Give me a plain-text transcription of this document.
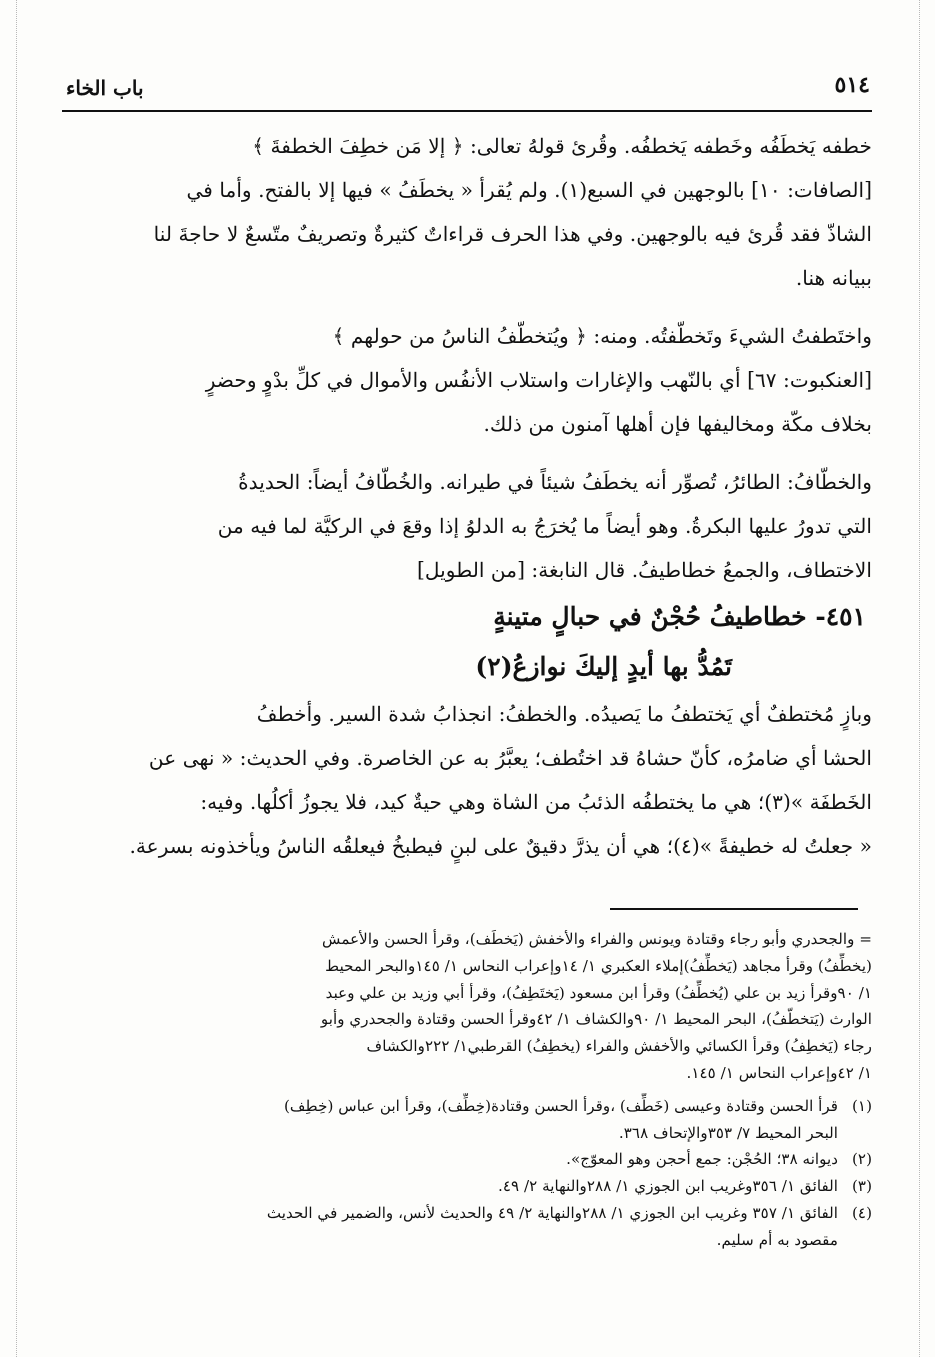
٥١٤
باب الخاء

خطفه يَخطَفُه وخَطفه يَخطفُه. وقُرئ قولهُ تعالى: ﴿ إلا مَن خطِفَ الخطفةَ ﴾

[الصافات: ١٠] بالوجهين في السبع(١). ولم يُقرأ « يخطَفُ » فيها إلا بالفتح. وأما في

الشاذّ فقد قُرئ فيه بالوجهين. وفي هذا الحرف قراءاتٌ كثيرةٌ وتصريفٌ متّسعٌ لا حاجةَ لنا

ببيانه هنا.

واختَطفتُ الشيءَ وتَخطّفتُه. ومنه: ﴿ ويُتخطّفُ الناسُ من حولهم ﴾

[العنكبوت: ٦٧] أي بالنّهب والإغارات واستلاب الأنفُس والأموال في كلِّ بدْوٍ وحضرٍ

بخلاف مكّة ومخاليفها فإن أهلها آمنون من ذلك.

والخطّافُ: الطائرُ، تُصوِّر أنه يخطَفُ شيئاً في طيرانه. والخُطّافُ أيضاً: الحديدةُ

التي تدورُ عليها البكرةُ. وهو أيضاً ما يُخرَجُ به الدلوُ إذا وقعَ في الركيَّة لما فيه من

الاختطاف، والجمعُ خطاطيفُ. قال النابغة: [من الطويل]

٤٥١- خطاطيفُ حُجْنٌ في حبالٍ متينةٍ
تَمُدُّ بها أيدٍ إليكَ نوازعُ(٢)

وبازٍ مُختطفٌ أي يَختطفُ ما يَصيدُه. والخطفُ: انجذابُ شدة السير. وأخطفُ

الحشا أي ضامرُه، كأنّ حشاهُ قد اختُطف؛ يعبَّرُ به عن الخاصرة. وفي الحديث: « نهى عن

الخَطفَة »(٣)؛ هي ما يختطفُه الذئبُ من الشاة وهي حيةٌ كيد، فلا يجوزُ أكلُها. وفيه:

« جعلتُ له خطيفةً »(٤)؛ هي أن يذرَّ دقيقٌ على لبنٍ فيطبخُ فيعلقُه الناسُ ويأخذونه بسرعة.

= والجحدري وأبو رجاء وقتادة ويونس والفراء والأخفش (يَخطَف)، وقرأ الحسن والأعمش

(يخطِّفُ) وقرأ مجاهد (يَخطِّفُ)إملاء العكبري ١/ ١٤وإعراب النحاس ١/ ١٤٥والبحر المحيط

١/ ٩٠وقرأ زيد بن علي (يُخطِّفُ) وقرأ ابن مسعود (يَختَطِفُ)، وقرأ أبي وزيد بن علي وعبد

الوارث (يَتخطّفُ)، البحر المحيط ١/ ٩٠والكشاف ١/ ٤٢وقرأ الحسن وقتادة والجحدري وأبو

رجاء (يَخطِفُ) وقرأ الكسائي والأخفش والفراء (يخطِفُ) القرطبي١/ ٢٢٢والكشاف

١/ ٤٢وإعراب النحاس ١/ ١٤٥.

(١)

قرأ الحسن وقتادة وعيسى (خَطِّف) ،وقرأ الحسن وقتادة(خِطِّف)، وقرأ ابن عباس (خِطِف)

البحر المحيط ٧/ ٣٥٣والإتحاف ٣٦٨.

(٢)

ديوانه ٣٨؛ الحُجْن: جمع أحجن وهو المعوّج».

(٣)

الفائق ١/ ٣٥٦وغريب ابن الجوزي ١/ ٢٨٨والنهاية ٢/ ٤٩.

(٤)

الفائق ١/ ٣٥٧ وغريب ابن الجوزي ١/ ٢٨٨والنهاية ٢/ ٤٩ والحديث لأنس، والضمير في الحديث

مقصود به أم سليم.
